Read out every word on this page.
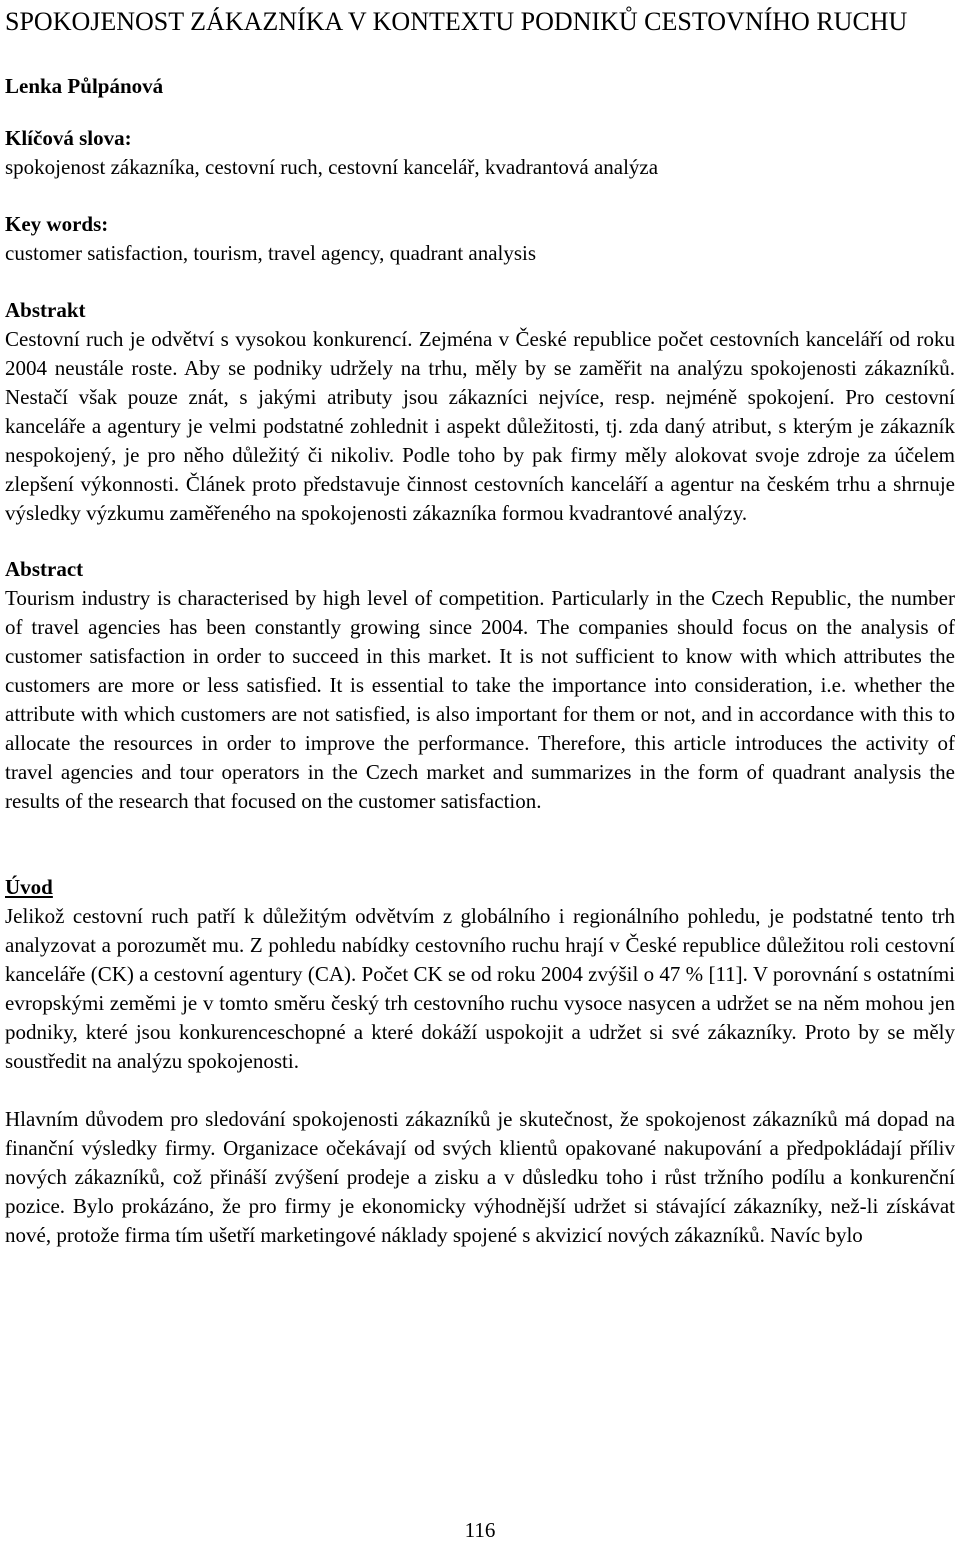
SPOKOJENOST ZÁKAZNÍKA V KONTEXTU PODNIKŮ CESTOVNÍHO RUCHU

Lenka Půlpánová

Klíčová slova:

spokojenost zákazníka, cestovní ruch, cestovní kancelář, kvadrantová analýza

Key words:

customer satisfaction, tourism, travel agency, quadrant analysis

Abstrakt

Cestovní ruch je odvětví s vysokou konkurencí. Zejména v České republice počet cestovních kanceláří od roku 2004 neustále roste. Aby se podniky udržely na trhu, měly by se zaměřit na analýzu spokojenosti zákazníků. Nestačí však pouze znát, s jakými atributy jsou zákazníci nejvíce, resp. nejméně spokojení. Pro cestovní kanceláře a agentury je velmi podstatné zohlednit i aspekt důležitosti, tj. zda daný atribut, s kterým je zákazník nespokojený, je pro něho důležitý či nikoliv. Podle toho by pak firmy měly alokovat svoje zdroje za účelem zlepšení výkonnosti. Článek proto představuje činnost cestovních kanceláří a agentur na českém trhu a shrnuje výsledky výzkumu zaměřeného na spokojenosti zákazníka formou kvadrantové analýzy.

Abstract

Tourism industry is characterised by high level of competition. Particularly in the Czech Republic, the number of travel agencies has been constantly growing since 2004. The companies should focus on the analysis of customer satisfaction in order to succeed in this market. It is not sufficient to know with which attributes the customers are more or less satisfied. It is essential to take the importance into consideration, i.e. whether the attribute with which customers are not satisfied, is also important for them or not, and in accordance with this to allocate the resources in order to improve the performance. Therefore, this article introduces the activity of travel agencies and tour operators in the Czech market and summarizes in the form of quadrant analysis the results of the research that focused on the customer satisfaction.

Úvod

Jelikož cestovní ruch patří k důležitým odvětvím z globálního i regionálního pohledu, je podstatné tento trh analyzovat a porozumět mu. Z pohledu nabídky cestovního ruchu hrají v České republice důležitou roli cestovní kanceláře (CK) a cestovní agentury (CA). Počet CK se od roku 2004 zvýšil o 47 % [11]. V porovnání s ostatními evropskými zeměmi je v tomto směru český trh cestovního ruchu vysoce nasycen a udržet se na něm mohou jen podniky, které jsou konkurenceschopné a které dokáží uspokojit a udržet si své zákazníky. Proto by se měly soustředit na analýzu spokojenosti.

Hlavním důvodem pro sledování spokojenosti zákazníků je skutečnost, že spokojenost zákazníků má dopad na finanční výsledky firmy. Organizace očekávají od svých klientů opakované nakupování a předpokládají příliv nových zákazníků, což přináší zvýšení prodeje a zisku a v důsledku toho i růst tržního podílu a konkurenční pozice. Bylo prokázáno, že pro firmy je ekonomicky výhodnější udržet si stávající zákazníky, než-li získávat nové, protože firma tím ušetří marketingové náklady spojené s akvizicí nových zákazníků. Navíc bylo

116
